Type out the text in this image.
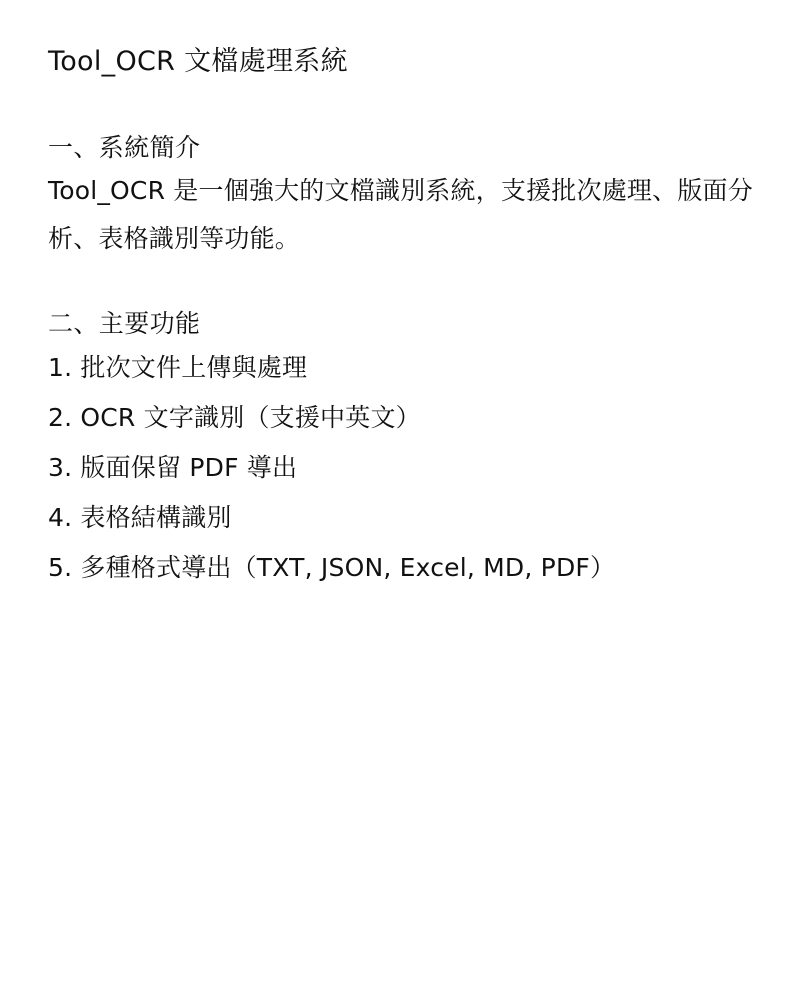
Tool_OCR 文檔處理系統
一、系統簡介

Tool_OCR 是一個強大的文檔識別系統，支援批次處理、版面分析、表格識別等功能。

二、主要功能
1. 批次文件上傳與處理
2. OCR 文字識別（支援中英文）
3. 版面保留 PDF 導出
4. 表格結構識別
5. 多種格式導出（TXT, JSON, Excel, MD, PDF）
